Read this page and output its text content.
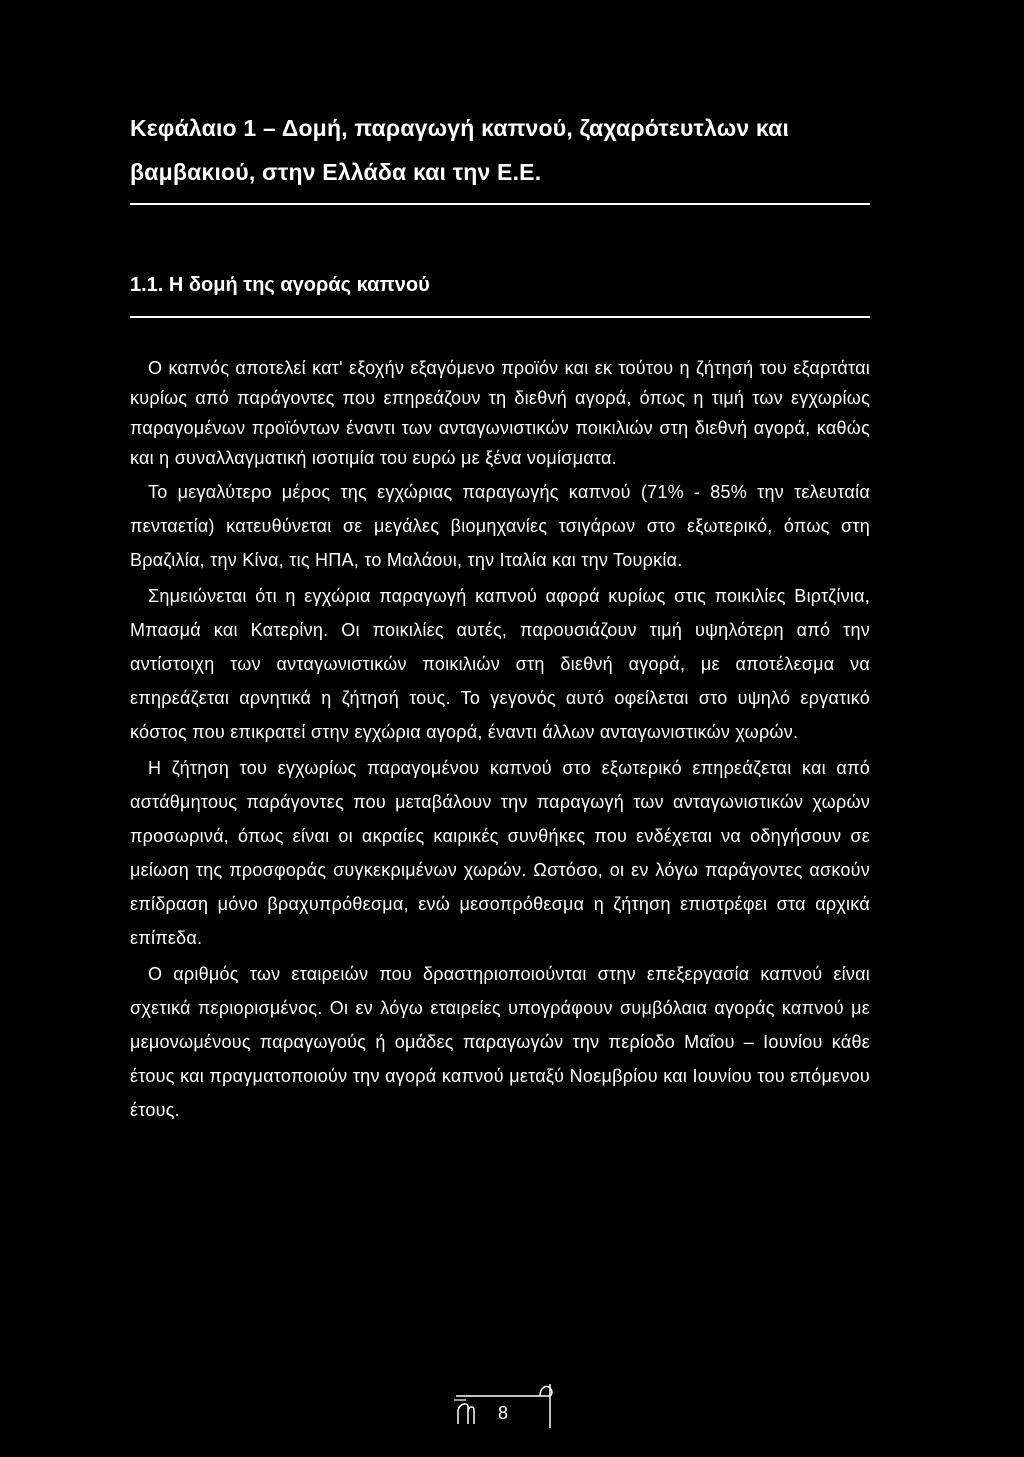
Κεφάλαιο 1 – Δομή, παραγωγή καπνού, ζαχαρότευτλων και βαμβακιού, στην Ελλάδα και την Ε.Ε.
1.1. Η δομή της αγοράς καπνού

Ο καπνός αποτελεί κατ' εξοχήν εξαγόμενο προϊόν και εκ τούτου η ζήτησή του εξαρτάται κυρίως από παράγοντες που επηρεάζουν τη διεθνή αγορά, όπως η τιμή των εγχωρίως παραγομένων προϊόντων έναντι των ανταγωνιστικών ποικιλιών στη διεθνή αγορά, καθώς και η συναλλαγματική ισοτιμία του ευρώ με ξένα νομίσματα.

Το μεγαλύτερο μέρος της εγχώριας παραγωγής καπνού (71% - 85% την τελευταία πενταετία) κατευθύνεται σε μεγάλες βιομηχανίες τσιγάρων στο εξωτερικό, όπως στη Βραζιλία, την Κίνα, τις ΗΠΑ, το Μαλάουι, την Ιταλία και την Τουρκία.

Σημειώνεται ότι η εγχώρια παραγωγή καπνού αφορά κυρίως στις ποικιλίες Βιρτζίνια, Μπασμά και Κατερίνη. Οι ποικιλίες αυτές, παρουσιάζουν τιμή υψηλότερη από την αντίστοιχη των ανταγωνιστικών ποικιλιών στη διεθνή αγορά, με αποτέλεσμα να επηρεάζεται αρνητικά η ζήτησή τους. Το γεγονός αυτό οφείλεται στο υψηλό εργατικό κόστος που επικρατεί στην εγχώρια αγορά, έναντι άλλων ανταγωνιστικών χωρών.

Η ζήτηση του εγχωρίως παραγομένου καπνού στο εξωτερικό επηρεάζεται και από αστάθμητους παράγοντες που μεταβάλουν την παραγωγή των ανταγωνιστικών χωρών προσωρινά, όπως είναι οι ακραίες καιρικές συνθήκες που ενδέχεται να οδηγήσουν σε μείωση της προσφοράς συγκεκριμένων χωρών. Ωστόσο, οι εν λόγω παράγοντες ασκούν επίδραση μόνο βραχυπρόθεσμα, ενώ μεσοπρόθεσμα η ζήτηση επιστρέφει στα αρχικά επίπεδα.

Ο αριθμός των εταιρειών που δραστηριοποιούνται στην επεξεργασία καπνού είναι σχετικά περιορισμένος. Οι εν λόγω εταιρείες υπογράφουν συμβόλαια αγοράς καπνού με μεμονωμένους παραγωγούς ή ομάδες παραγωγών την περίοδο Μαΐου – Ιουνίου κάθε έτους και πραγματοποιούν την αγορά καπνού μεταξύ Νοεμβρίου και Ιουνίου του επόμενου έτους.

8
